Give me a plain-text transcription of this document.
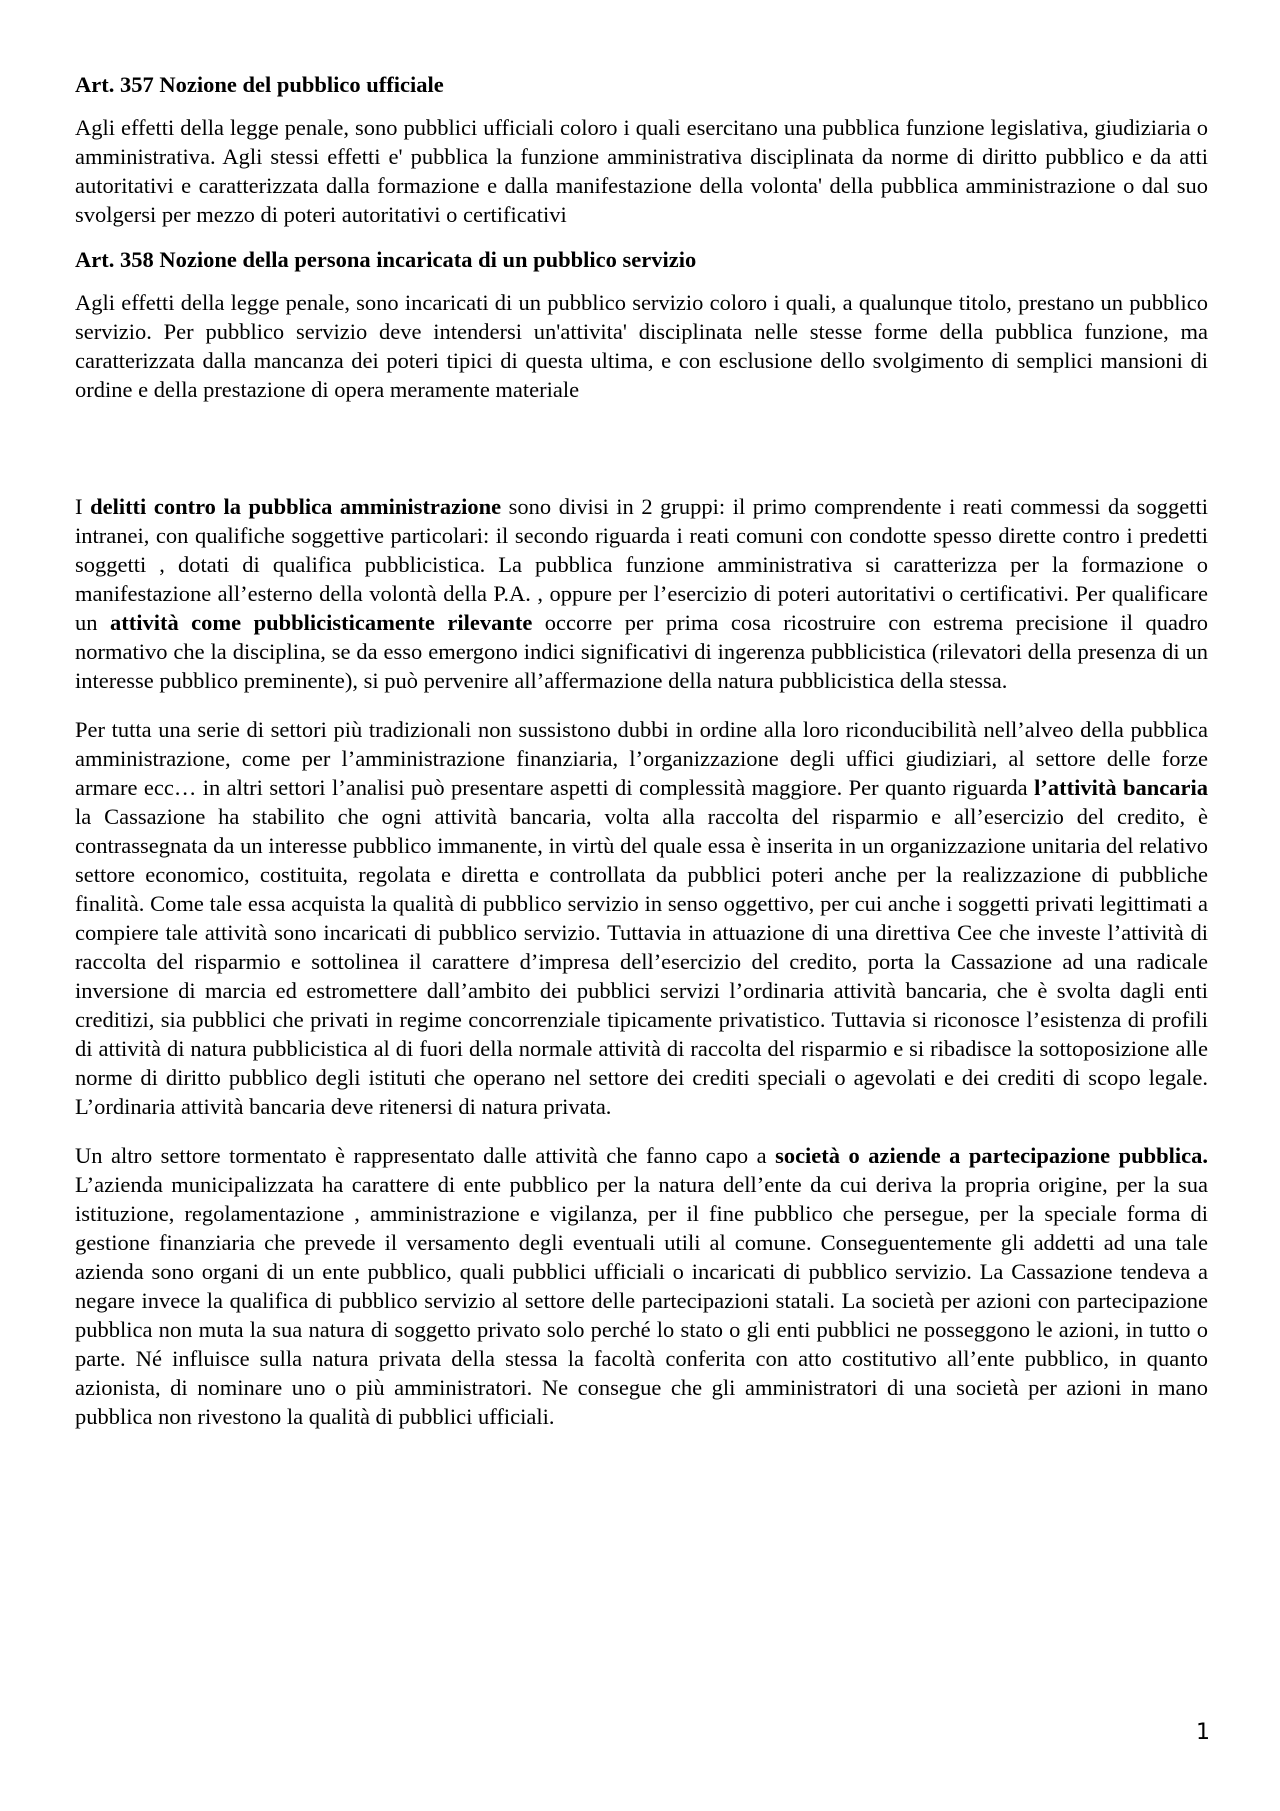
Art. 357 Nozione del pubblico ufficiale

Agli effetti della legge penale, sono pubblici ufficiali coloro i quali esercitano una pubblica funzione legislativa, giudiziaria o amministrativa. Agli stessi effetti e' pubblica la funzione amministrativa disciplinata da norme di diritto pubblico e da atti autoritativi e caratterizzata dalla formazione e dalla manifestazione della volonta' della pubblica amministrazione o dal suo svolgersi per mezzo di poteri autoritativi o certificativi

Art. 358 Nozione della persona incaricata di un pubblico servizio

Agli effetti della legge penale, sono incaricati di un pubblico servizio coloro i quali, a qualunque titolo, prestano un pubblico servizio. Per pubblico servizio deve intendersi un'attivita' disciplinata nelle stesse forme della pubblica funzione, ma caratterizzata dalla mancanza dei poteri tipici di questa ultima, e con esclusione dello svolgimento di semplici mansioni di ordine e della prestazione di opera meramente materiale

I delitti contro la pubblica amministrazione sono divisi in 2 gruppi: il primo comprendente i reati commessi da soggetti intranei, con qualifiche soggettive particolari: il secondo riguarda i reati comuni con condotte spesso dirette contro i predetti soggetti , dotati di qualifica pubblicistica. La pubblica funzione amministrativa si caratterizza per la formazione o manifestazione all’esterno della volontà della P.A. , oppure per l’esercizio di poteri autoritativi o certificativi. Per qualificare un attività come pubblicisticamente rilevante occorre per prima cosa ricostruire con estrema precisione il quadro normativo che la disciplina, se da esso emergono indici significativi di ingerenza pubblicistica (rilevatori della presenza di un interesse pubblico preminente), si può pervenire all’affermazione della natura pubblicistica della stessa.

Per tutta una serie di settori più tradizionali non sussistono dubbi in ordine alla loro riconducibilità nell’alveo della pubblica amministrazione, come per l’amministrazione finanziaria, l’organizzazione degli uffici giudiziari, al settore delle forze armare ecc… in altri settori l’analisi può presentare aspetti di complessità maggiore. Per quanto riguarda l’attività bancaria la Cassazione ha stabilito che ogni attività bancaria, volta alla raccolta del risparmio e all’esercizio del credito, è contrassegnata da un interesse pubblico immanente, in virtù del quale essa è inserita in un organizzazione unitaria del relativo settore economico, costituita, regolata e diretta e controllata da pubblici poteri anche per la realizzazione di pubbliche finalità. Come tale essa acquista la qualità di pubblico servizio in senso oggettivo, per cui anche i soggetti privati legittimati a compiere tale attività sono incaricati di pubblico servizio. Tuttavia in attuazione di una direttiva Cee che investe l’attività di raccolta del risparmio e sottolinea il carattere d’impresa dell’esercizio del credito, porta la Cassazione ad una radicale inversione di marcia ed estromettere dall’ambito dei pubblici servizi l’ordinaria attività bancaria, che è svolta dagli enti creditizi, sia pubblici che privati in regime concorrenziale tipicamente privatistico. Tuttavia si riconosce l’esistenza di profili di attività di natura pubblicistica al di fuori della normale attività di raccolta del risparmio e si ribadisce la sottoposizione alle norme di diritto pubblico degli istituti che operano nel settore dei crediti speciali o agevolati e dei crediti di scopo legale. L’ordinaria attività bancaria deve ritenersi di natura privata.

Un altro settore tormentato è rappresentato dalle attività che fanno capo a società o aziende a partecipazione pubblica. L’azienda municipalizzata ha carattere di ente pubblico per la natura dell’ente da cui deriva la propria origine, per la sua istituzione, regolamentazione , amministrazione e vigilanza, per il fine pubblico che persegue, per la speciale forma di gestione finanziaria che prevede il versamento degli eventuali utili al comune. Conseguentemente gli addetti ad una tale azienda sono organi di un ente pubblico, quali pubblici ufficiali o incaricati di pubblico servizio. La Cassazione tendeva a negare invece la qualifica di pubblico servizio al settore delle partecipazioni statali. La società per azioni con partecipazione pubblica non muta la sua natura di soggetto privato solo perché lo stato o gli enti pubblici ne posseggono le azioni, in tutto o parte. Né influisce sulla natura privata della stessa la facoltà conferita con atto costitutivo all’ente pubblico, in quanto azionista, di nominare uno o più amministratori. Ne consegue che gli amministratori di una società per azioni in mano pubblica non rivestono la qualità di pubblici ufficiali.

1
